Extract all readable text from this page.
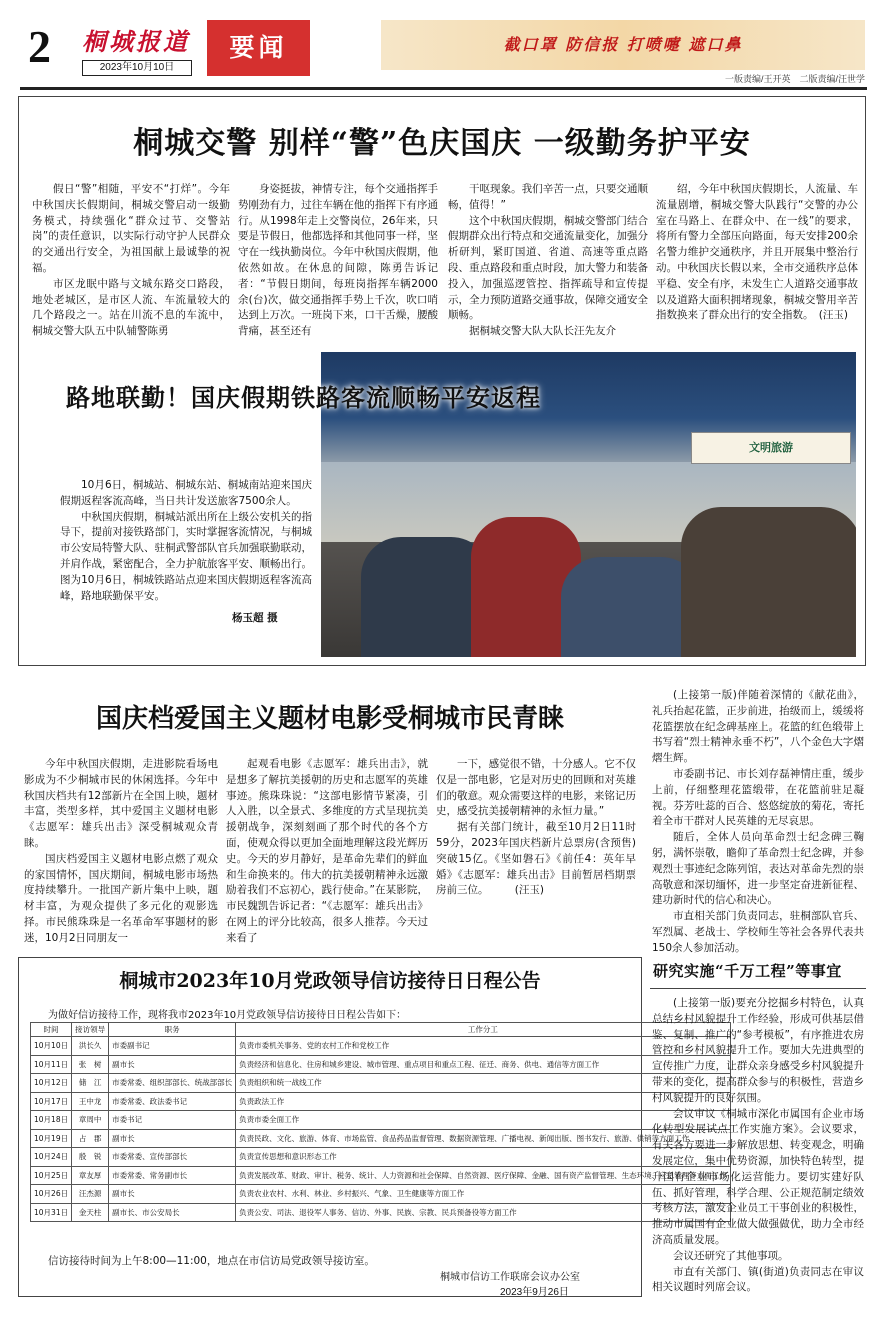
2 桐城报道
2023年10月10日
要闻	截口罩 防信报 打喷嚏 遮口鼻
一版责编/王开英　二版责编/汪世学
桐城交警 别样“警”色庆国庆 一级勤务护平安

假日“警”相随，平安不“打烊”。今年中秋国庆长假期间，桐城交警启动一级勤务模式，持续强化“群众过节、交警站岗”的责任意识，以实际行动守护人民群众的交通出行安全，为祖国献上最诚挚的祝福。

市区龙眠中路与文城东路交口路段，地处老城区，是市区人流、车流量较大的几个路段之一。站在川流不息的车流中，桐城交警大队五中队辅警陈勇

身姿挺拔，神情专注，每个交通指挥手势刚劲有力，过往车辆在他的指挥下有序通行。从1998年走上交警岗位，26年来，只要是节假日，他都选择和其他同事一样，坚守在一线执勤岗位。今年中秋国庆假期，他依然如故。在休息的间隙，陈勇告诉记者：“节假日期间，每班岗指挥车辆2000余(台)次，做交通指挥手势上千次，吹口哨达到上万次。一班岗下来，口干舌燥，腰酸背痛，甚至还有

干呕现象。我们辛苦一点，只要交通顺畅，值得！”

这个中秋国庆假期，桐城交警部门结合假期群众出行特点和交通流量变化，加强分析研判，紧盯国道、省道、高速等重点路段、重点路段和重点时段，加大警力和装备投入，加强巡逻管控、指挥疏导和宣传提示，全力预防道路交通事故，保障交通安全顺畅。

据桐城交警大队大队长汪先友介

绍，今年中秋国庆假期长，人流量、车流量剧增，桐城交警大队践行“交警的办公室在马路上、在群众中、在一线”的要求，将所有警力全部压向路面，每天安排200余名警力维护交通秩序，并且开展集中整治行动。中秋国庆长假以来，全市交通秩序总体平稳、安全有序，未发生亡人道路交通事故以及道路大面积拥堵现象，桐城交警用辛苦指数换来了群众出行的安全指数。　(汪玉)

文明旅游
路地联勤！国庆假期铁路客流顺畅平安返程

10月6日，桐城站、桐城东站、桐城南站迎来国庆假期返程客流高峰，当日共计发送旅客7500余人。

中秋国庆假期，桐城站派出所在上级公安机关的指导下，提前对接铁路部门，实时掌握客流情况，与桐城市公安局特警大队、驻桐武警部队官兵加强联勤联动，并肩作战，紧密配合，全力护航旅客平安、顺畅出行。图为10月6日，桐城铁路站点迎来国庆假期返程客流高峰，路地联勤保平安。

杨玉超 摄
国庆档爱国主义题材电影受桐城市民青睐

今年中秋国庆假期，走进影院看场电影成为不少桐城市民的休闲选择。今年中秋国庆档共有12部新片在全国上映，题材丰富，类型多样，其中爱国主义题材电影《志愿军：雄兵出击》深受桐城观众青睐。

国庆档爱国主义题材电影点燃了观众的家国情怀，国庆期间，桐城电影市场热度持续攀升。一批国产新片集中上映，题材丰富，为观众提供了多元化的观影选择。市民熊珠珠是一名革命军事题材的影迷，10月2日同朋友一

起观看电影《志愿军：雄兵出击》，就是想多了解抗美援朝的历史和志愿军的英雄事迹。熊珠珠说：“这部电影情节紧凑，引人入胜，以全景式、多维度的方式呈现抗美援朝战争，深刻刻画了那个时代的各个方面，使观众得以更加全面地理解这段光辉历史。今天的岁月静好，是革命先辈们的鲜血和生命换来的。伟大的抗美援朝精神永远激励着我们不忘初心，践行使命。”在某影院，市民魏凯告诉记者：“《志愿军：雄兵出击》在网上的评分比较高，很多人推荐。今天过来看了

一下，感觉很不错，十分感人。它不仅仅是一部电影，它是对历史的回顾和对英雄们的敬意。观众需要这样的电影，来铭记历史，感受抗美援朝精神的永恒力量。”

据有关部门统计，截至10月2日11时59分，2023年国庆档新片总票房(含预售)突破15亿。《坚如磐石》《前任4：英年早婚》《志愿军：雄兵出击》目前暂居档期票房前三位。　　　(汪玉)

(上接第一版)伴随着深情的《献花曲》，礼兵抬起花篮，正步前进，抬级而上，缓缓将花篮摆放在纪念碑基座上。花篮的红色缎带上书写着“烈士精神永垂不朽”，八个金色大字熠熠生辉。

市委副书记、市长刘存磊神情庄重，缓步上前，仔细整理花篮缎带，在花篮前驻足凝视。芬芳吐蕊的百合、悠悠绽放的菊花，寄托着全市干群对人民英雄的无尽哀思。

随后，全体人员向革命烈士纪念碑三鞠躬，满怀崇敬，瞻仰了革命烈士纪念碑，并参观烈士事迹纪念陈列馆，表达对革命先烈的崇高敬意和深切缅怀，进一步坚定奋进新征程、建功新时代的信心和决心。

市直相关部门负责同志，驻桐部队官兵、军烈属、老战士、学校师生等社会各界代表共150余人参加活动。

桐城市2023年10月党政领导信访接待日日程公告
为做好信访接待工作，现将我市2023年10月党政领导信访接待日日程公告如下：
时间	接访领导	职务	工作分工
10月10日	洪长久	市委副书记	负责市委机关事务、党的农村工作和党校工作
10月11日	张　树	副市长	负责经济和信息化、住房和城乡建设、城市管理、重点项目和重点工程、征迁、商务、供电、通信等方面工作
10月12日	储　江	市委常委、组织部部长、统战部部长	负责组织和统一战线工作
10月17日	王中龙	市委常委、政法委书记	负责政法工作
10月18日	章周中	市委书记	负责市委全面工作
10月19日	占　郡	副市长	负责民政、文化、旅游、体育、市场监管、食品药品监督管理、数据资源管理、广播电视、新闻出版、图书发行、旅游、供销等方面工作
10月24日	殷　锐	市委常委、宣传部部长	负责宣传思想和意识形态工作
10月25日	章友厚	市委常委、常务副市长	负责发展改革、财政、审计、税务、统计、人力资源和社会保障、自然资源、医疗保障、金融、国有资产监督管理、生态环境、应急管理等方面工作
10月26日	汪杰源	副市长	负责农业农村、水利、林业、乡村振兴、气象、卫生健康等方面工作
10月31日	金天柱	副市长、市公安局长	负责公安、司法、退役军人事务、信访、外事、民族、宗教、民兵预备役等方面工作
信访接待时间为上午8:00—11:00，地点在市信访局党政领导接访室。
桐城市信访工作联席会议办公室
2023年9月26日
研究实施“千万工程”等事宜

(上接第一版)要充分挖掘乡村特色，认真总结乡村风貌提升工作经验，形成可供基层借鉴、复制、推广的“参考模板”，有序推进农房管控和乡村风貌提升工作。要加大先进典型的宣传推广力度，让群众亲身感受乡村风貌提升带来的变化，提高群众参与的积极性，营造乡村风貌提升的良好氛围。

会议审议《桐城市深化市属国有企业市场化转型发展试点工作实施方案》。会议要求，有关各方要进一步解放思想、转变观念，明确发展定位，集中优势资源，加快特色转型，提升国有企业市场化运营能力。要切实建好队伍、抓好管理，科学合理、公正规范制定绩效考核方法，激发企业员工干事创业的积极性，推动市属国有企业做大做强做优，助力全市经济高质量发展。

会议还研究了其他事项。

市直有关部门、镇(街道)负责同志在审议相关议题时列席会议。
